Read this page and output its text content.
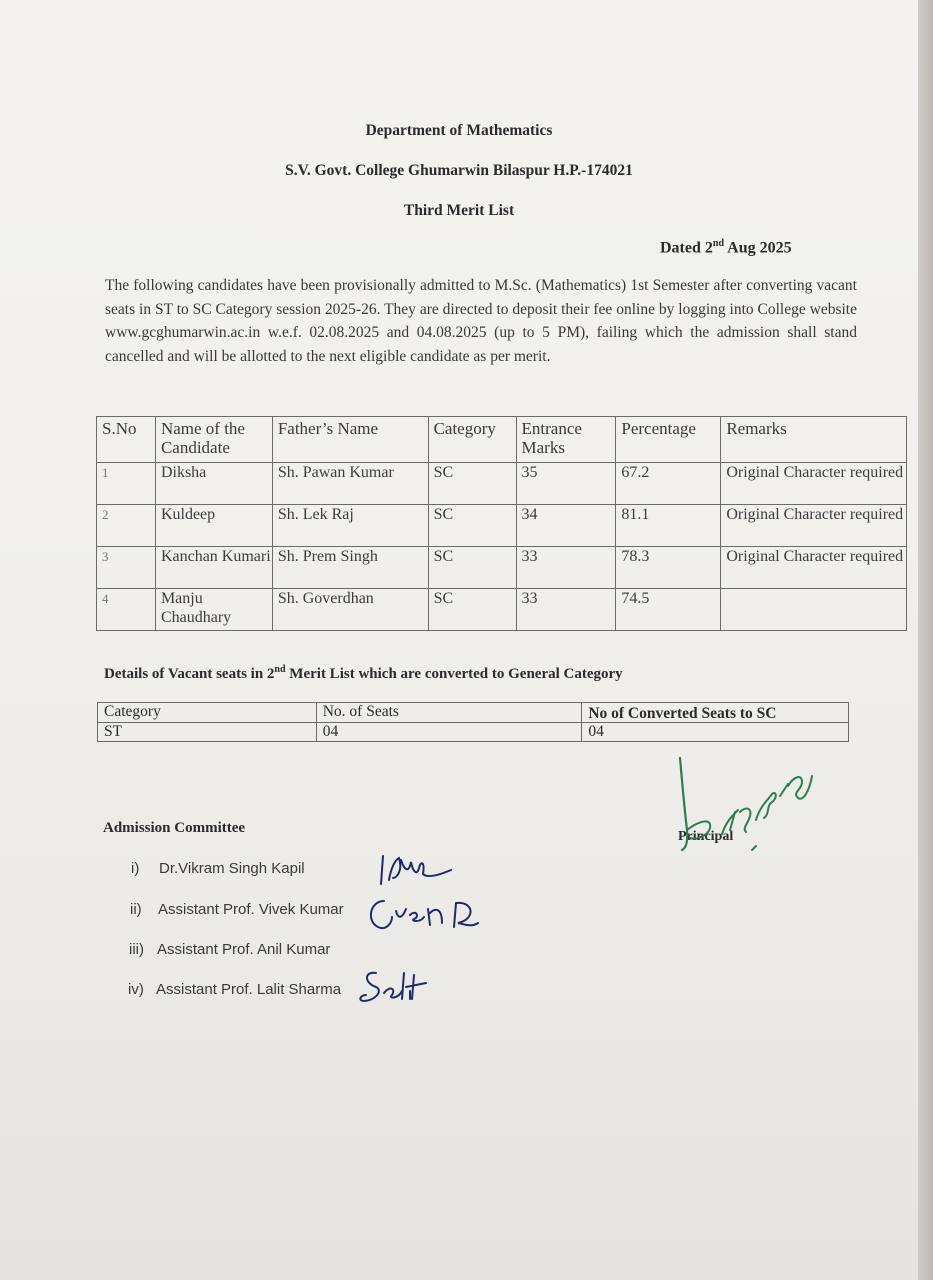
Department of Mathematics
S.V. Govt. College Ghumarwin Bilaspur H.P.-174021
Third Merit List
Dated 2nd Aug 2025
The following candidates have been provisionally admitted to M.Sc. (Mathematics) 1st Semester after converting vacant seats in ST to SC Category session 2025-26. They are directed to deposit their fee online by logging into College website www.gcghumarwin.ac.in w.e.f. 02.08.2025 and 04.08.2025 (up to 5 PM), failing which the admission shall stand cancelled and will be allotted to the next eligible candidate as per merit.
S.No	Name of the Candidate	Father’s Name	Category	Entrance Marks	Percentage	Remarks
1	Diksha	Sh. Pawan Kumar	SC	35	67.2	Original Character required
2	Kuldeep	Sh. Lek Raj	SC	34	81.1	Original Character required
3	Kanchan Kumari	Sh. Prem Singh	SC	33	78.3	Original Character required
4	Manju Chaudhary	Sh. Goverdhan	SC	33	74.5	
Details of Vacant seats in 2nd Merit List which are converted to General Category
Category	No. of Seats	No of Converted Seats to SC
ST	04	04
Admission Committee
i) Dr.Vikram Singh Kapil
ii) Assistant Prof. Vivek Kumar
iii) Assistant Prof. Anil Kumar
iv) Assistant Prof. Lalit Sharma
Principal
